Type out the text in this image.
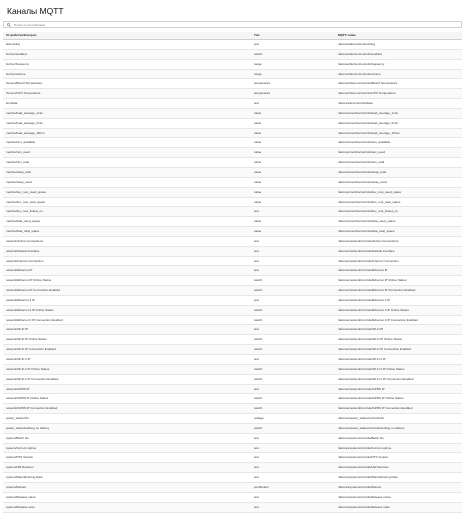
Каналы MQTT
Поиск по устройствам
Устройство/Контрол	Тип	MQTT-топик
alarms/log	text	/devices/alarms/controls/log
buzzer/enabled	switch	/devices/buzzer/controls/enabled
buzzer/frequency	range	/devices/buzzer/controls/frequency
buzzer/volume	range	/devices/buzzer/controls/volume
hwmon/Board Temperature	temperature	/devices/hwmon/controls/Board Temperature
hwmon/CPU Temperature	temperature	/devices/hwmon/controls/CPU Temperature
knx/data	text	/devices/knx/controls/data
metrics/load_average_1min	value	/devices/metrics/controls/load_average_1min
metrics/load_average_5min	value	/devices/metrics/controls/load_average_5min
metrics/load_average_15min	value	/devices/metrics/controls/load_average_15min
metrics/ram_available	value	/devices/metrics/controls/ram_available
metrics/ram_used	value	/devices/metrics/controls/ram_used
metrics/ram_total	value	/devices/metrics/controls/ram_total
metrics/swap_total	value	/devices/metrics/controls/swap_total
metrics/swap_used	value	/devices/metrics/controls/swap_used
metrics/dev_root_used_space	value	/devices/metrics/controls/dev_root_used_space
metrics/dev_root_total_space	value	/devices/metrics/controls/dev_root_total_space
metrics/dev_root_linked_on	text	/devices/metrics/controls/dev_root_linked_on
metrics/data_used_space	value	/devices/metrics/controls/data_used_space
metrics/data_total_space	value	/devices/metrics/controls/data_total_space
network/Active Connections	text	/devices/network/controls/Active Connections
network/Default Interface	text	/devices/network/controls/Default Interface
network/Internet Connection	text	/devices/network/controls/Internet Connection
network/Ethernet IP	text	/devices/network/controls/Ethernet IP
network/Ethernet IP Online Status	switch	/devices/network/controls/Ethernet IP Online Status
network/Ethernet IP Connection Enabled	switch	/devices/network/controls/Ethernet IP Connection Enabled
network/Ethernet 2 IP	text	/devices/network/controls/Ethernet 2 IP
network/Ethernet 2 IP Online Status	switch	/devices/network/controls/Ethernet 2 IP Online Status
network/Ethernet 2 IP Connection Enabled	switch	/devices/network/controls/Ethernet 2 IP Connection Enabled
network/Wi-Fi IP	text	/devices/network/controls/Wi-Fi IP
network/Wi-Fi IP Online Status	switch	/devices/network/controls/Wi-Fi IP Online Status
network/Wi-Fi IP Connection Enabled	switch	/devices/network/controls/Wi-Fi IP Connection Enabled
network/Wi-Fi 2 IP	text	/devices/network/controls/Wi-Fi 2 IP
network/Wi-Fi 2 IP Online Status	switch	/devices/network/controls/Wi-Fi 2 IP Online Status
network/Wi-Fi 2 IP Connection Enabled	switch	/devices/network/controls/Wi-Fi 2 IP Connection Enabled
network/GPRS IP	text	/devices/network/controls/GPRS IP
network/GPRS IP Online Status	switch	/devices/network/controls/GPRS IP Online Status
network/GPRS IP Connection Enabled	switch	/devices/network/controls/GPRS IP Connection Enabled
power_status/Vin	voltage	/devices/power_status/controls/Vin
power_status/working on battery	switch	/devices/power_status/controls/working on battery
system/Batch No	text	/devices/system/controls/Batch No
system/Current uptime	text	/devices/system/controls/Current uptime
system/DTS Version	text	/devices/system/controls/DTS Version
system/HW Revision	text	/devices/system/controls/HW Revision
system/Manufacturing Date	text	/devices/system/controls/Manufacturing Date
system/Reboot	pushbutton	/devices/system/controls/Reboot
system/Release name	text	/devices/system/controls/Release name
system/Release suite	text	/devices/system/controls/Release suite
